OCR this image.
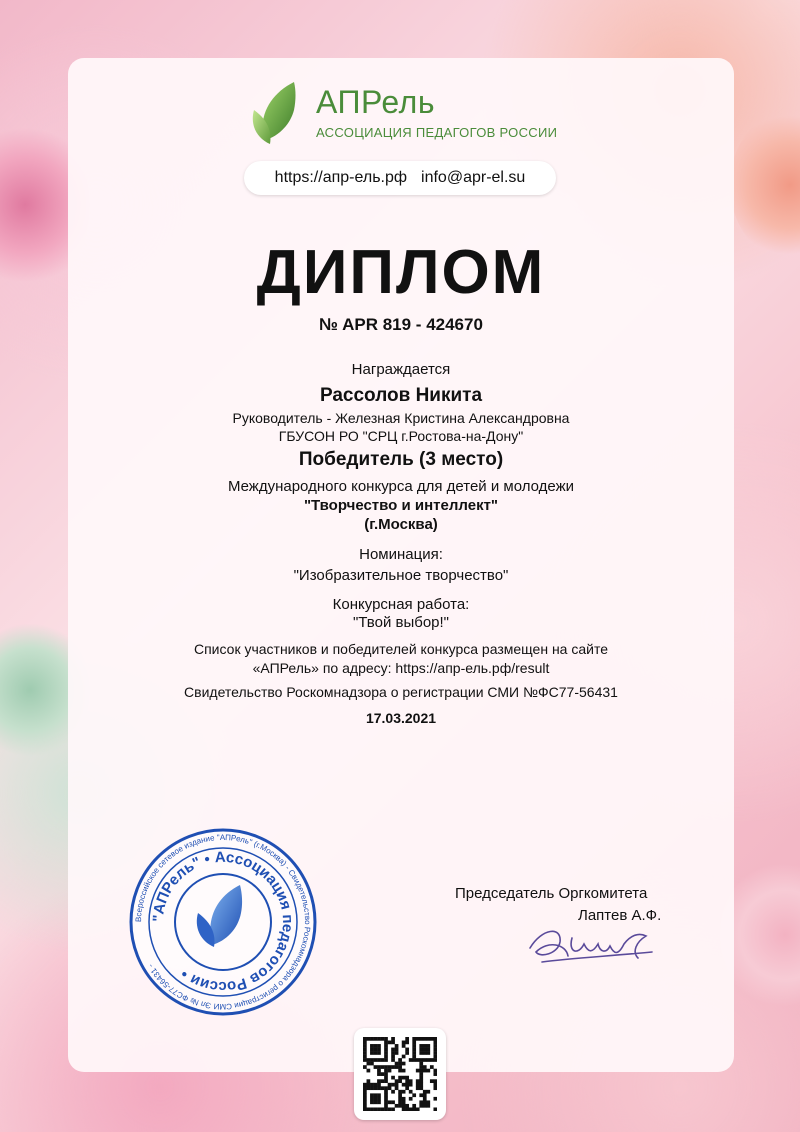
АПРель
АССОЦИАЦИЯ ПЕДАГОГОВ РОССИИ
https://апр-ель.рф info@apr-el.su
ДИПЛОМ
№ APR 819 - 424670
Награждается
Рассолов Никита
Руководитель - Железная Кристина Александровна
ГБУСОН РО "СРЦ г.Ростова-на-Дону"
Победитель (3 место)
Международного конкурса для детей и молодежи
"Творчество и интеллект"
(г.Москва)
Номинация:
"Изобразительное творчество"
Конкурсная работа:
"Твой выбор!"
Список участников и победителей конкурса размещен на сайте
«АПРель» по адресу: https://апр-ель.рф/result
Свидетельство Роскомнадзора о регистрации СМИ №ФС77-56431
17.03.2021
Всероссийское сетевое издание "АПРель" (г.Москва) - Свидетельство Роскомнадзора о регистрации СМИ Эл № ФС77-56431 -
"АПРель" • Ассоциация педагогов России •
Председатель Оргкомитета
Лаптев А.Ф.
